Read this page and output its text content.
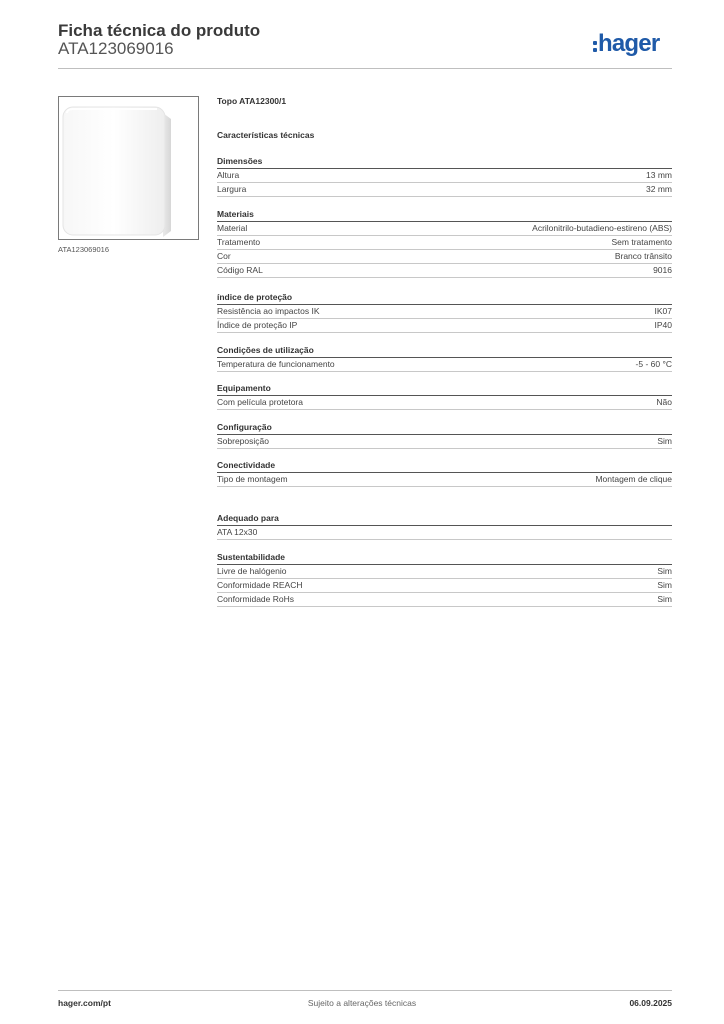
Ficha técnica do produto
ATA123069016	hager
ATA123069016
Topo ATA12300/1
Características técnicas
Dimensões
Altura	13 mm
Largura	32 mm
Materiais
Material	Acrilonitrilo-butadieno-estireno (ABS)
Tratamento	Sem tratamento
Cor	Branco trânsito
Código RAL	9016
índice de proteção
Resistência ao impactos IK	IK07
Índice de proteção IP	IP40
Condições de utilização
Temperatura de funcionamento	-5 - 60 °C
Equipamento
Com película protetora	Não
Configuração
Sobreposição	Sim
Conectividade
Tipo de montagem	Montagem de clique
Adequado para
ATA 12x30
Sustentabilidade
Livre de halógenio	Sim
Conformidade REACH	Sim
Conformidade RoHs	Sim
hager.com/pt	Sujeito a alterações técnicas	06.09.2025
